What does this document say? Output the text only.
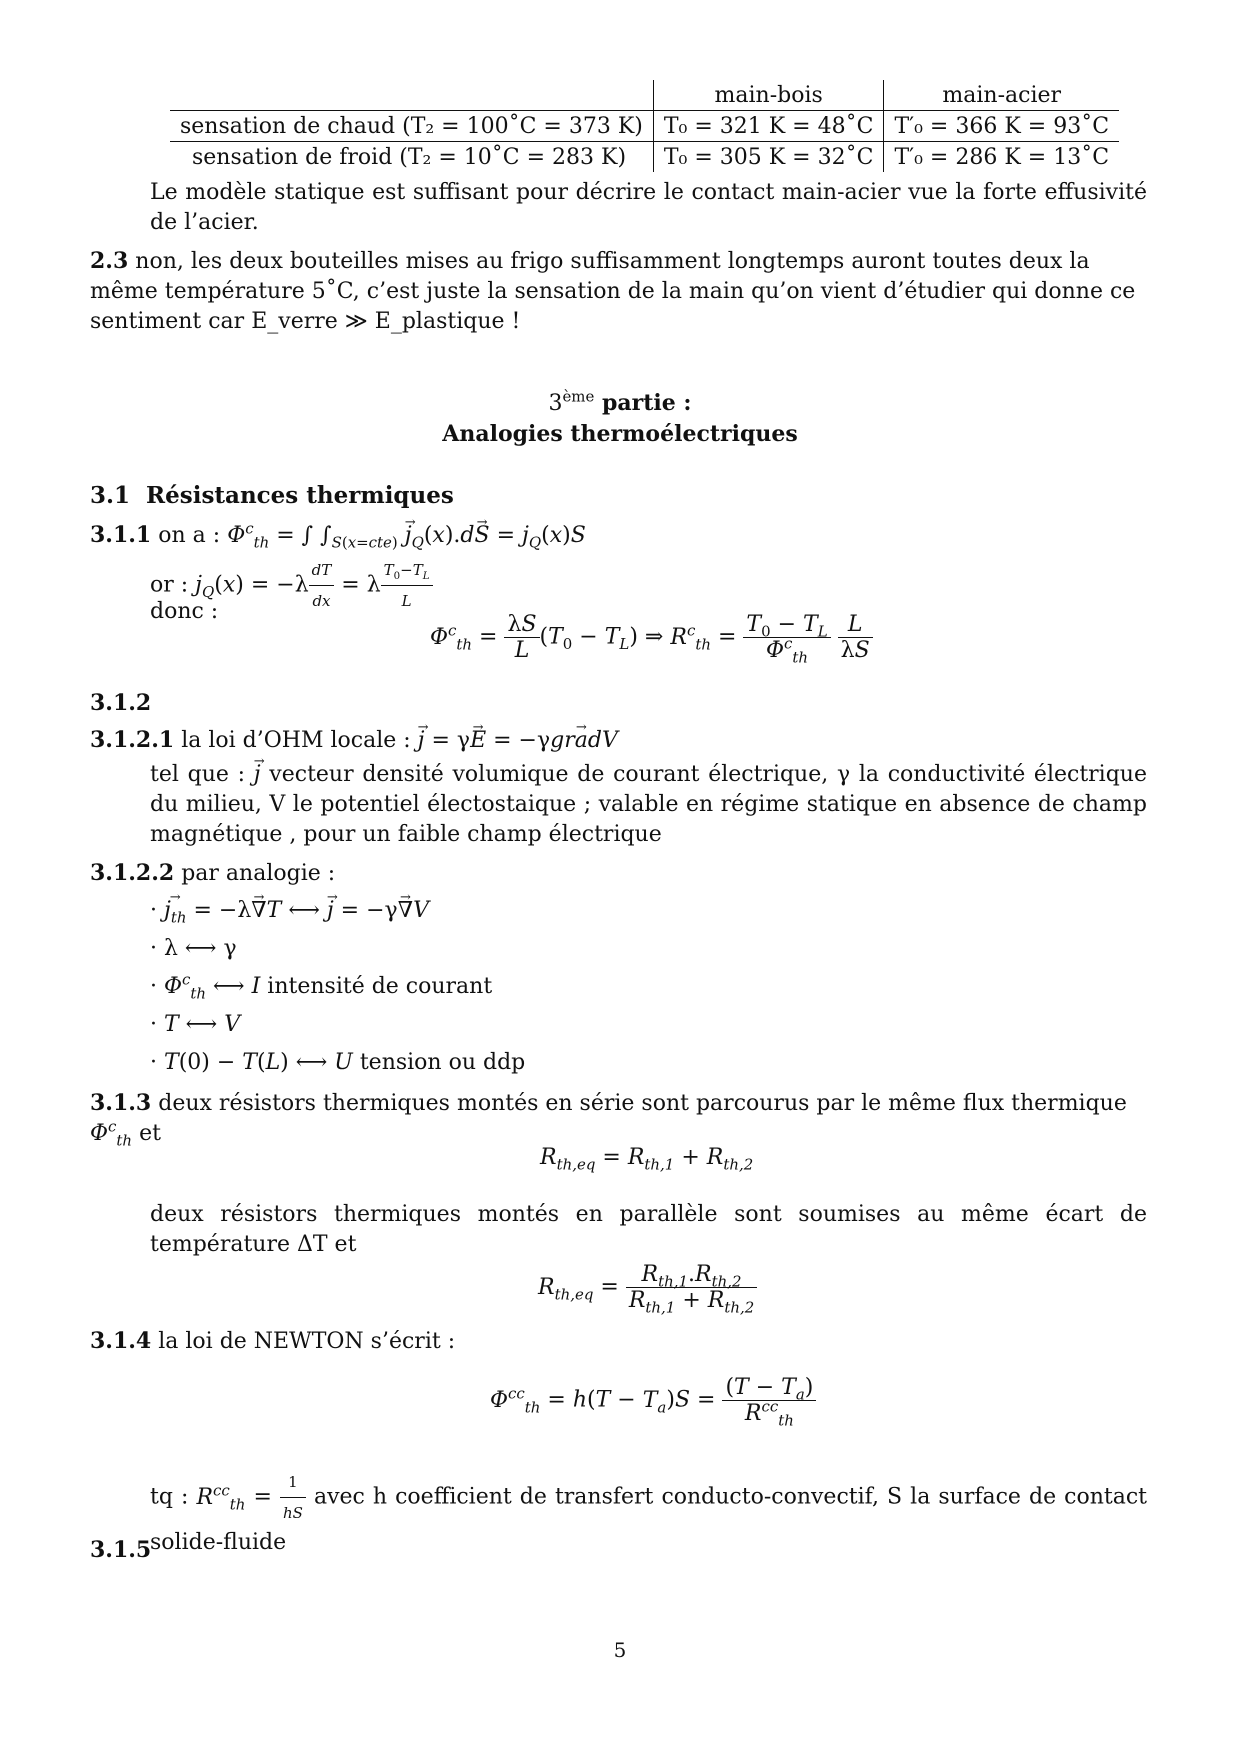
	main-bois	main-acier
sensation de chaud (T₂ = 100˚C = 373 K)	T₀ = 321 K = 48˚C	T′₀ = 366 K = 93˚C
sensation de froid (T₂ = 10˚C = 283 K)	T₀ = 305 K = 32˚C	T′₀ = 286 K = 13˚C
Le modèle statique est suffisant pour décrire le contact main-acier vue la forte effusivité de l’acier.
2.3 non, les deux bouteilles mises au frigo suffisamment longtemps auront toutes deux la même température 5˚C, c’est juste la sensation de la main qu’on vient d’étudier qui donne ce sentiment car E_verre ≫ E_plastique !
3ème partie :
Analogies thermoélectriques
3.1 Résistances thermiques
3.1.1 on a : $\Phi^c_{th}$ = ∫ $\int_{S(x=cte)} \to j_Q(x).d\to S = j_Q(x)S$
or : $j_Q(x) = -\lambda \frac{dT}{dx} = \lambda \frac{T_0-T_L}{L}$
donc :
$\Phi^c_{th} = \frac{\lambda S}{L} (T_0 - T_L)$ ⇒ $R^c_{th} = \frac{T_0 - T_L}{\Phi^c_{th}}$
$\frac{L}{\lambda S}$
3.1.2
3.1.2.1 la loi d’OHM locale : → j = γ→ E = −γgr→ adV
tel que : → j vecteur densité volumique de courant électrique, γ la conductivité électrique du milieu, V le potentiel électostaique ; valable en régime statique en absence de champ magnétique , pour un faible champ électrique
3.1.2.2 par analogie :
· → $j_{th} = -\lambda\to \nabla T$ ⟷ → j = −γ→ ∇V
· λ ⟷ γ
· $\Phi^c_{th}$ ⟷ I intensité de courant
· T ⟷ V
· T(0) − T(L) ⟷ U tension ou ddp
3.1.3 deux résistors thermiques montés en série sont parcourus par le même flux thermique $\Phi^c_{th}$ et
$R_{th,eq} = R_{th,1} + R_{th,2}$
deux résistors thermiques montés en parallèle sont soumises au même écart de température ΔT et
$R_{th,eq} = \frac{R_{th,1}.R_{th,2}}{R_{th,1} + R_{th,2}}$
3.1.4 la loi de NEWTON s’écrit :
$\Phi^{cc}_{th} = h(T - T_a)S = \frac{(T - T_a)}{R^{cc}_{th}}$
tq : $R^{cc}_{th} = \frac{1}{hS}$ avec h coefficient de transfert conducto-convectif, S la surface de contact solide-fluide
3.1.5
5
